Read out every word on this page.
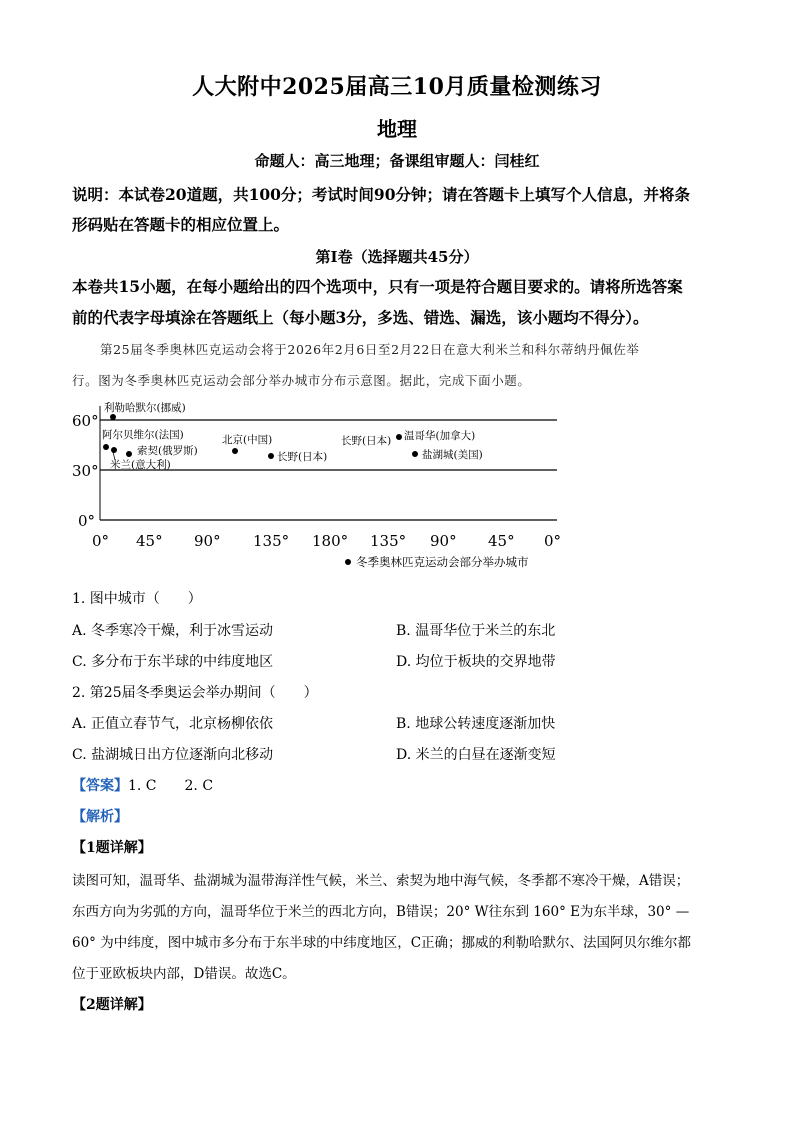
人大附中2025届高三10月质量检测练习
地理
命题人：高三地理；备课组审题人：闫桂红
说明：本试卷20道题，共100分；考试时间90分钟；请在答题卡上填写个人信息，并将条
形码贴在答题卡的相应位置上。
第Ⅰ卷（选择题共45分）
本卷共15小题，在每小题给出的四个选项中，只有一项是符合题目要求的。请将所选答案
前的代表字母填涂在答题纸上（每小题3分，多选、错选、漏选，该小题均不得分）。
第25届冬季奥林匹克运动会将于2026年2月6日至2月22日在意大利米兰和科尔蒂纳丹佩佐举
行。图为冬季奥林匹克运动会部分举办城市分布示意图。据此，完成下面小题。
60°
30°
0°
0° 45° 90° 135° 180° 135° 90° 45° 0°
利勒哈默尔(挪威)
阿尔贝维尔(法国)
索契(俄罗斯)
米兰(意大利)
北京(中国)
长野(日本)
长野(日本) 温哥华(加拿大)
盐湖城(美国)
冬季奥林匹克运动会部分举办城市
1. 图中城市（　　）
A. 冬季寒冷干燥，利于冰雪运动	B. 温哥华位于米兰的东北
C. 多分布于东半球的中纬度地区	D. 均位于板块的交界地带
2. 第25届冬季奥运会举办期间（　　）
A. 正值立春节气，北京杨柳依依	B. 地球公转速度逐渐加快
C. 盐湖城日出方位逐渐向北移动	D. 米兰的白昼在逐渐变短
【答案】1. C　　2. C
【解析】
【1题详解】
读图可知，温哥华、盐湖城为温带海洋性气候，米兰、索契为地中海气候，冬季都不寒冷干燥，A错误；
东西方向为劣弧的方向，温哥华位于米兰的西北方向，B错误；20° W往东到 160° E为东半球，30° —
60° 为中纬度，图中城市多分布于东半球的中纬度地区，C正确；挪威的利勒哈默尔、法国阿贝尔维尔都
位于亚欧板块内部，D错误。故选C。
【2题详解】
